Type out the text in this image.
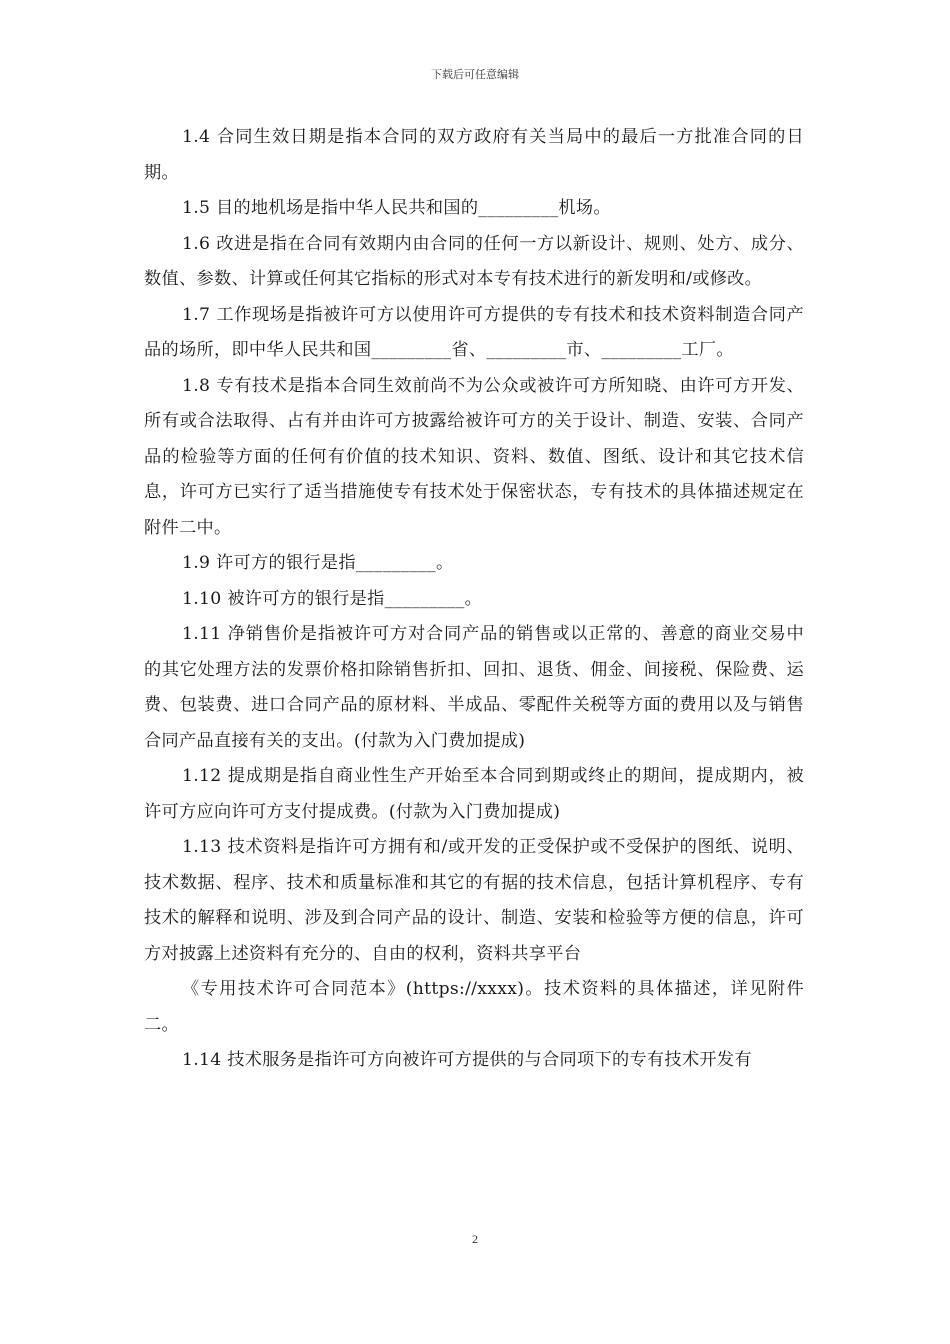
下载后可任意编辑

1.4 合同生效日期是指本合同的双方政府有关当局中的最后一方批准合同的日期。

1.5 目的地机场是指中华人民共和国的_________机场。

1.6 改进是指在合同有效期内由合同的任何一方以新设计、规则、处方、成分、数值、参数、计算或任何其它指标的形式对本专有技术进行的新发明和/或修改。

1.7 工作现场是指被许可方以使用许可方提供的专有技术和技术资料制造合同产品的场所，即中华人民共和国_________省、_________市、_________工厂。

1.8 专有技术是指本合同生效前尚不为公众或被许可方所知晓、由许可方开发、所有或合法取得、占有并由许可方披露给被许可方的关于设计、制造、安装、合同产品的检验等方面的任何有价值的技术知识、资料、数值、图纸、设计和其它技术信息，许可方已实行了适当措施使专有技术处于保密状态，专有技术的具体描述规定在附件二中。

1.9 许可方的银行是指_________。

1.10 被许可方的银行是指_________。

1.11 净销售价是指被许可方对合同产品的销售或以正常的、善意的商业交易中的其它处理方法的发票价格扣除销售折扣、回扣、退货、佣金、间接税、保险费、运费、包装费、进口合同产品的原材料、半成品、零配件关税等方面的费用以及与销售合同产品直接有关的支出。(付款为入门费加提成)

1.12 提成期是指自商业性生产开始至本合同到期或终止的期间，提成期内，被许可方应向许可方支付提成费。(付款为入门费加提成)

1.13 技术资料是指许可方拥有和/或开发的正受保护或不受保护的图纸、说明、技术数据、程序、技术和质量标准和其它的有据的技术信息，包括计算机程序、专有技术的解释和说明、涉及到合同产品的设计、制造、安装和检验等方便的信息，许可方对披露上述资料有充分的、自由的权利，资料共享平台

《专用技术许可合同范本》(https://xxxx)。技术资料的具体描述，详见附件二。

1.14 技术服务是指许可方向被许可方提供的与合同项下的专有技术开发有

2
